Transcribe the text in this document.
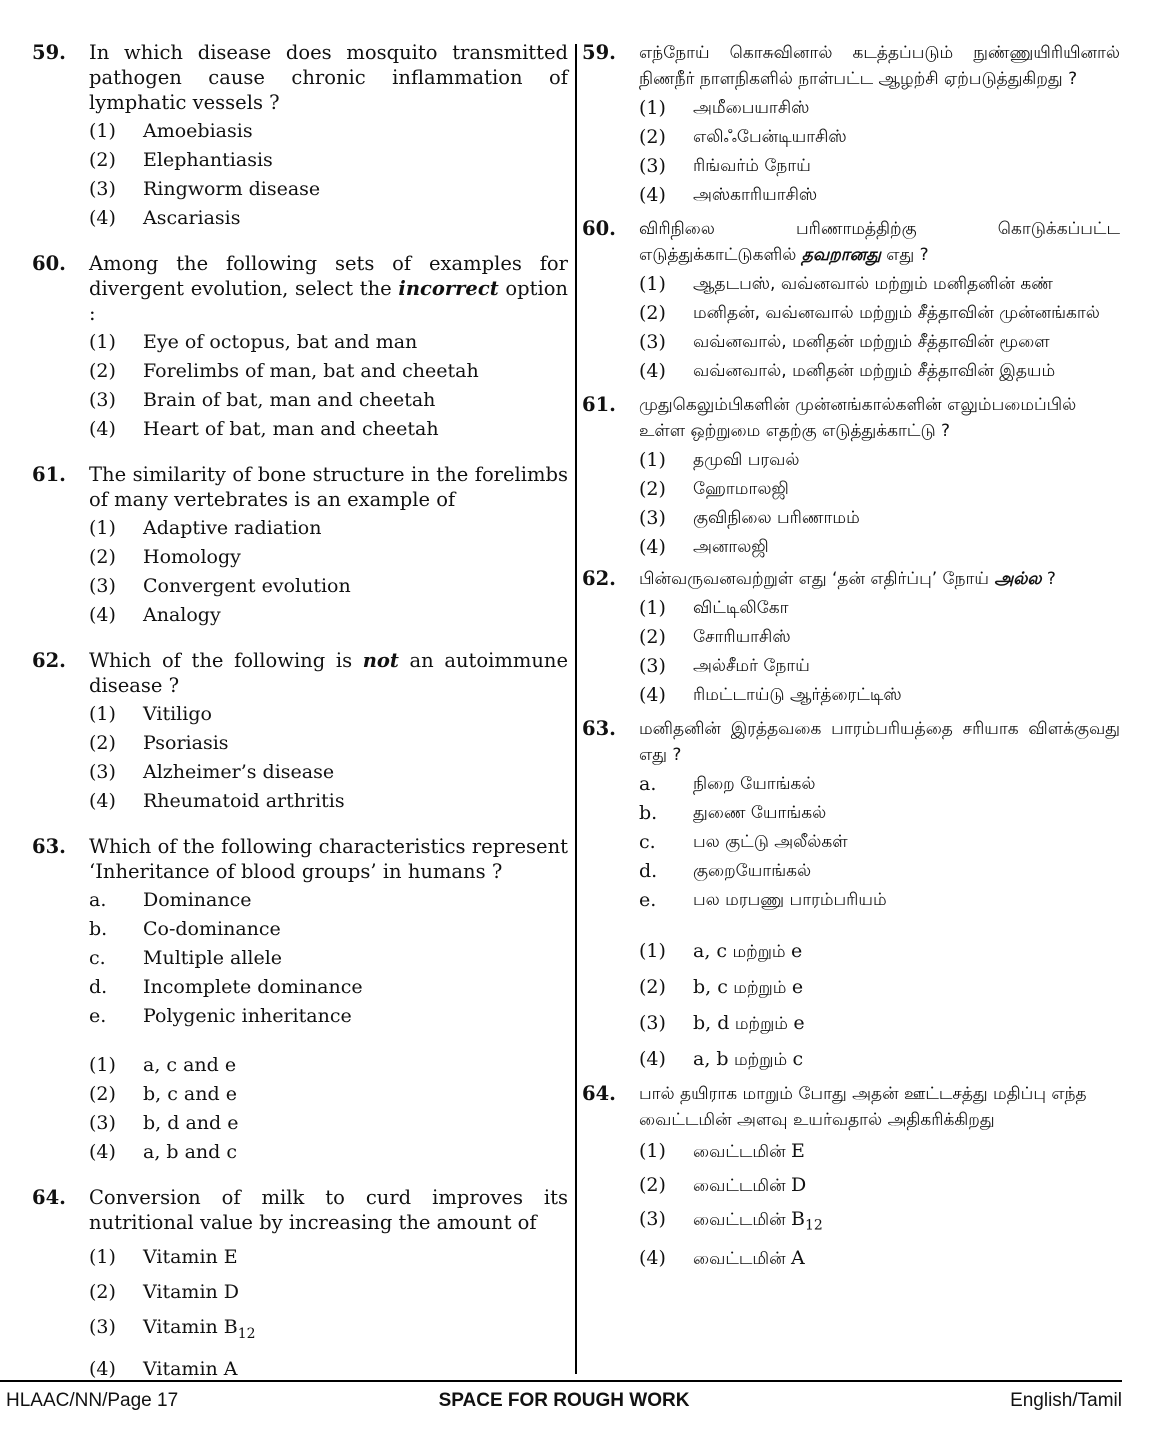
59.	In which disease does mosquito transmitted pathogen cause chronic inflammation of lymphatic vessels ?
(1)	Amoebiasis
(2)	Elephantiasis
(3)	Ringworm disease
(4)	Ascariasis
60.	Among the following sets of examples for divergent evolution, select the incorrect option :
(1)	Eye of octopus, bat and man
(2)	Forelimbs of man, bat and cheetah
(3)	Brain of bat, man and cheetah
(4)	Heart of bat, man and cheetah
61.	The similarity of bone structure in the forelimbs of many vertebrates is an example of
(1)	Adaptive radiation
(2)	Homology
(3)	Convergent evolution
(4)	Analogy
62.	Which of the following is not an autoimmune disease ?
(1)	Vitiligo
(2)	Psoriasis
(3)	Alzheimer’s disease
(4)	Rheumatoid arthritis
63.	Which of the following characteristics represent ‘Inheritance of blood groups’ in humans ?
a.	Dominance
b.	Co-dominance
c.	Multiple allele
d.	Incomplete dominance
e.	Polygenic inheritance
(1)	a, c and e
(2)	b, c and e
(3)	b, d and e
(4)	a, b and c
64.	Conversion of milk to curd improves its nutritional value by increasing the amount of
(1)	Vitamin E
(2)	Vitamin D
(3)	Vitamin $B_{12}$
(4)	Vitamin A
59.	எந்நோய் கொசுவினால் கடத்தப்படும் நுண்ணுயிரியினால் நிணநீர் நாளநிகளில் நாள்பட்ட ஆழற்சி ஏற்படுத்துகிறது ?
(1)	அமீபையாசிஸ்
(2)	எலிஃபேன்டியாசிஸ்
(3)	ரிங்வர்ம் நோய்
(4)	அஸ்காரியாசிஸ்
60.	விரிநிலை பரிணாமத்திற்கு கொடுக்கப்பட்ட எடுத்துக்காட்டுகளில் தவறானது எது ?
(1)	ஆதடபஸ், வவ்னவால் மற்றும் மனிதனின் கண்
(2)	மனிதன், வவ்னவால் மற்றும் சீத்தாவின் முன்னங்கால்
(3)	வவ்னவால், மனிதன் மற்றும் சீத்தாவின் மூளை
(4)	வவ்னவால், மனிதன் மற்றும் சீத்தாவின் இதயம்
61.	முதுகெலும்பிகளின் முன்னங்கால்களின் எலும்பமைப்பில் உள்ள ஒற்றுமை எதற்கு எடுத்துக்காட்டு ?
(1)	தமுவி பரவல்
(2)	ஹோமாலஜி
(3)	குவிநிலை பரிணாமம்
(4)	அனாலஜி
62.	பின்வருவனவற்றுள் எது ‘தன் எதிர்ப்பு’ நோய் அல்ல ?
(1)	விட்டிலிகோ
(2)	சோரியாசிஸ்
(3)	அல்சீமர் நோய்
(4)	ரிமட்டாய்டு ஆர்த்ரைட்டிஸ்
63.	மனிதனின் இரத்தவகை பாரம்பரியத்தை சரியாக விளக்குவது எது ?
a.	நிறை யோங்கல்
b.	துணை யோங்கல்
c.	பல குட்டு அலீல்கள்
d.	குறையோங்கல்
e.	பல மரபணு பாரம்பரியம்
(1)	a, c மற்றும் e
(2)	b, c மற்றும் e
(3)	b, d மற்றும் e
(4)	a, b மற்றும் c
64.	பால் தயிராக மாறும் போது அதன் ஊட்டசத்து மதிப்பு எந்த வைட்டமின் அளவு உயர்வதால் அதிகரிக்கிறது
(1)	வைட்டமின் E
(2)	வைட்டமின் D
(3)	வைட்டமின் $B_{12}$
(4)	வைட்டமின் A
HLAAC/NN/Page 17	SPACE FOR ROUGH WORK	English/Tamil
